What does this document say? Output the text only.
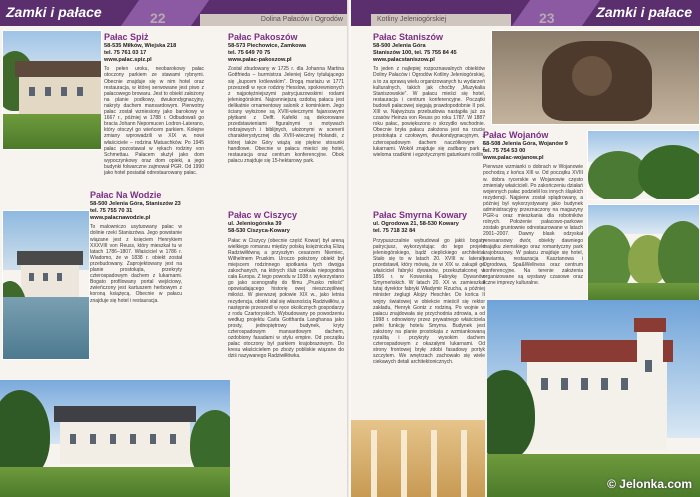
Zamki i pałace	Dolina Pałaców i Ogrodów
22
Pałac Spiż
58-535 Miłków, Wiejska 218
tel. 75 761 03 17
www.palac.spiz.pl
To pełen uroku, neobarokowy pałac otoczony parkiem ze stawami rybnymi. Obecnie znajduje się w nim hotel oraz restauracja, w której serwowane jest piwo z pałacowego browaru. Jest to obiekt założony na planie podkowy, dwukondygnacyjny, nakryty dachem mansardowym. Pierwotny pałac został wzniesiony jako barokowy w 1667 r., później w 1788 r. Odbudowali go bracia Johann Nepomucen Lodron-Laterano, który otoczył go wieńcem parkiem. Kolejne zmiany wprowadzili w XIX w. nowi właściciele – rodzina Matuschków. Po 1945 pałac pozostawał w rękach rodziny von Schmettau. Pałacem służył jako dom wypoczynkowy oraz dom opieki, a jego budynki folwarczne zajmował PGR. Od 1990 jako hotel posiadał odrestaurowany pałac.
Pałac Na Wodzie
58-500 Jelenia Góra, Staniszów 23
tel. 75 755 70 31
www.palacnawodzie.pl
To malowniczo usytuowany pałac w dolinie rzeki Staniszówa. Jego powstanie wiązane jest z księciem Henrykiem XXXVIII von Reuss, który mieszkał tu w latach 1786–1807. Właściciel w 1786 r. Wiadomo, że w 1838 r. obiekt został przebudowany. Zaprojektowany jest na planie prostokąta, przekryty czterospadowym dachem z lukarnami. Bogato profilowany portal wejściowy, zwieńczony jest kartuszem herbowym z koroną książęcą. Obecnie w pałacu znajduje się hotel i restauracja.
Pałac Pakoszów
58-573 Piechowice, Zamkowa
tel. 75 649 70 75
www.palac-pakoszow.pl
Został zbudowany w 1725 r. dla Johanna Martina Gottfrieda – burmistrza Jeleniej Góry tytułującego się „kupcem królewskim”. Drogą mariażu w 1771 przeszedł w ręce rodziny Hesslow, spokrewnionych z najpotężniejszymi patrycjuszowskimi rodami jeleniogórskimi. Najcenniejszą ozdobą pałacu jest delikatnie ornamentowy salonik z kominkiem. Jego ściany wyłożone są XVIII-wiecznymi fajansowymi płytkami z Delft. Kafelki są dekorowane przedstawieniami figuralnymi o motywach rodzajowych i biblijnych, ułożonymi w scenerii charakterystycznej dla XVIII-wiecznej Holandii, z której także Góry wiążą się piękne stosunki handlowe. Obecnie w pałacu mieści się hotel, restauracja oraz centrum konferencyjne. Obok pałacu znajduje się 15-hektarowy park.
Pałac w Ciszycy
ul. Jeleniogórska 39
58-530 Ciszyca-Kowary
Pałac w Ciszycy (obecnie część Kowar) był areną wielkiego romansu między polską księżniczką Elizą Radziwiłłówną a przyszłym cesarzem Niemiec, Wilhelmem Pruskim. Uroczo położony obiekt był miejscem rodzinnego spotkania tych dwojga zakochanych, na których ślub czekała niepogodna cała Europa. Z tego powodu w 1938 r. wykorzystano go jako scenografię do filmu „Prusko miłość” opowiadającego historię owej nieszczęśliwej miłości. W pierwszej połowie XIX w., jako letnia rezydencja, obiekt stał się własnością Radziwiłłów, a następnie przeszedł w ręce okolicznych gospodarzy z rodu Czartoryskich. Wybudowany po powodzeniu według projektu Carla Gottharda Langhansa jako prosty, jednopiętrowy budynek, kryty czterospadowym mansardowym dachem, ozdobiony fasadami w stylu empire. Od początku pałac otoczony był parkiem krajobrazowym. Do kresu właścicielem po zboży pobliskie wiązane do dziś nazywanego Radziwiłłówka.
Zamki i pałace
Kotliny Jeleniogórskiej	23
Pałac Staniszów
58-500 Jelenia Góra
Staniszów 100, tel. 75 755 84 45
www.palacstaniszow.pl
To jeden z najlepiej rozpoznawalnych obiektów Doliny Pałaców i Ogrodów Kotliny Jeleniogórskiej, a to za sprawą wielu organizowanych tu wydarzeń kulturalnych, takich jak choćby „Muzykalia Staniszowskie”. W pałacu mieści się hotel, restauracja i centrum konferencyjne. Początki budowli pałacowej sięgają prawdopodobnie II poł. XIII w. Najwyższa przebudowa nastąpiła już za czasów Heinza von Reuss po roku 1787. W 1887 roku pałac, powiększono o skrzydło wschodnie. Obecnie bryła pałacu założona jest na rzucie prostokąta z czołowym, dwukondygnacyjnym, z czterospadowym dachem naczółkowym z lukarnami. Wokół znajduje się zadbany park z wieloma rzadkimi i egzotycznymi gatunkami roślin.
Pałac Smyrna Kowary
ul. Ogrodowa 21, 58-530 Kowary
tel. 75 718 32 84
Przypuszczalnie wybudował go jakiś bogaty patrycjusz, wykorzystując do tego projekt jeleniogórskiego, bądź cieplickiego architekta. Stało się to w latach 20. XVIII w. lateraly przedstawił, który mówią, że w XIX w. zakupił go właściciel fabryki dywanów, przekształconej w 1856 r. w Kowarską Fabrykę Dywanów Smyrneńskich. W latach 20. XX w. zamieszkał tutaj dyrektor fabryki Władymir Rzucha, a później minister żeglugi Alojzy Heschler. Do końca II wojny światowej w obiekcie mieścił się rektor zakładu, Henryk Gontz z rodziną. Po wojnie w pałacu znajdowała się przychodnia zdrowia, a od 1998 r. odnowiony przez prywatnego właściciela pełni funkcję hotelu Smyrna. Budynek jest założony na planie prostokąta z wzmiankowaną ryzalitą i przykryty wysokim dachem czterospadowym z okazałymi lukarnami. Od strony frontowej bryłę zdobi fasadowy portyk szczytem. We wnętrzach zachowało się wiele ciekawych detali architektonicznych.
Pałac Wojanów
58-508 Jelenia Góra, Wojanów 9
tel. 75 754 53 00
www.palac-wojanow.pl
Pierwsze wzmianki o dobrach w Wojanowie pochodzą z końca XIII w. Od początku XVIII w. dobra rycerskie w Wojanowie często zmieniały właścicieli. Po zakończeniu działań wojennych pałac podzielił los innych śląskich rezydencji. Najpierw został splądrowany, a później był wykorzystywany jako budynek administracyjny przeznaczony na magazyny PGR-u oraz mieszkania dla robotników rolnych. Położenie pałacowo-parkowe zostało gruntownie odrestaurowane w latach 2001–2007. Dawny blask odzyskał renesansowy dwór, obiekty dawniego majątku ziemskiego oraz romantyczny park krajobrazowy. W pałacu znajduje się hotel, kawiarnia, restauracja Kasztanowa i Ogrodowa, Spa&Wellness oraz centrum konferencyjne. Na terenie założenia organizowane są wystawy czasowe oraz liczne imprezy kulturalne.
© Jelonka.com
